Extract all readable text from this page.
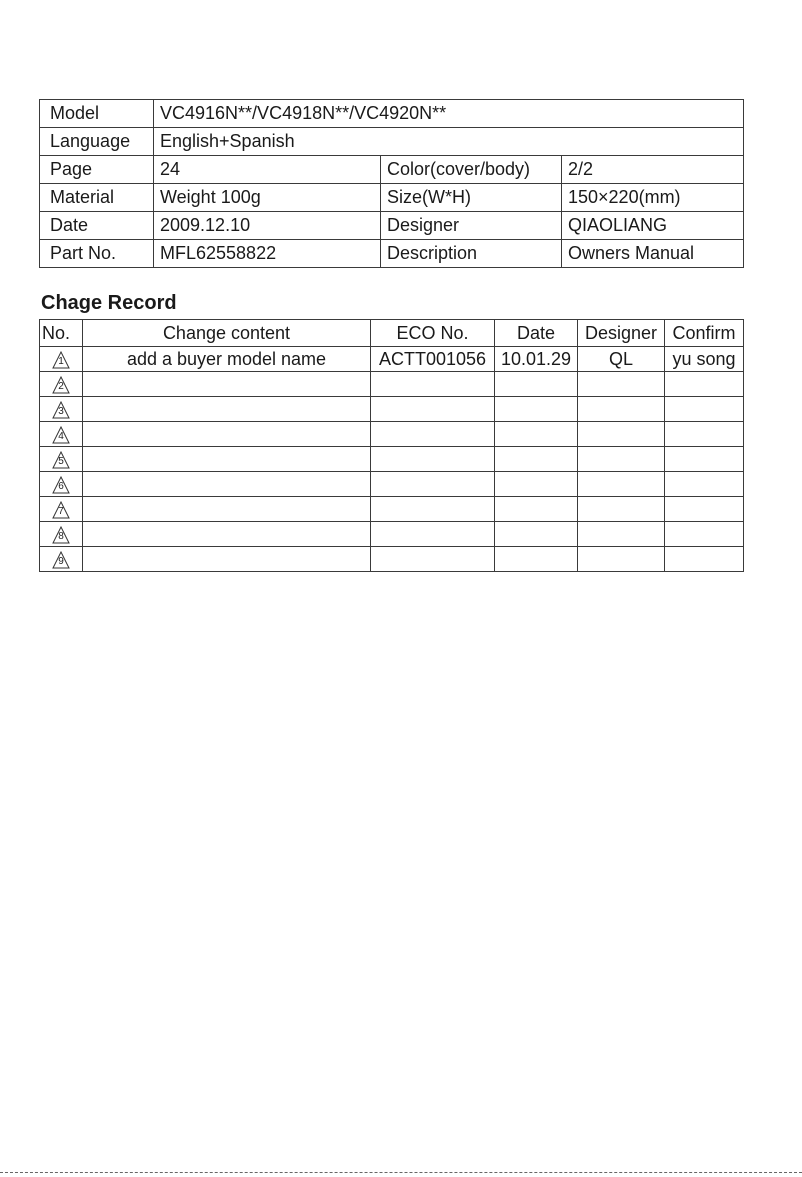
Model	VC4916N**/VC4918N**/VC4920N**		
Language	English+Spanish		
Page	24	Color(cover/body)	2/2
Material	Weight 100g	Size(W*H)	150×220(mm)
Date	2009.12.10	Designer	QIAOLIANG
Part No.	MFL62558822	Description	Owners Manual
Chage Record
No.	Change content	ECO No.	Date	Designer	Confirm

1	add a buyer model name	ACTT001056	10.01.29	QL	yu song

2					

3					

4					

5					

6					

7					

8					

9					
